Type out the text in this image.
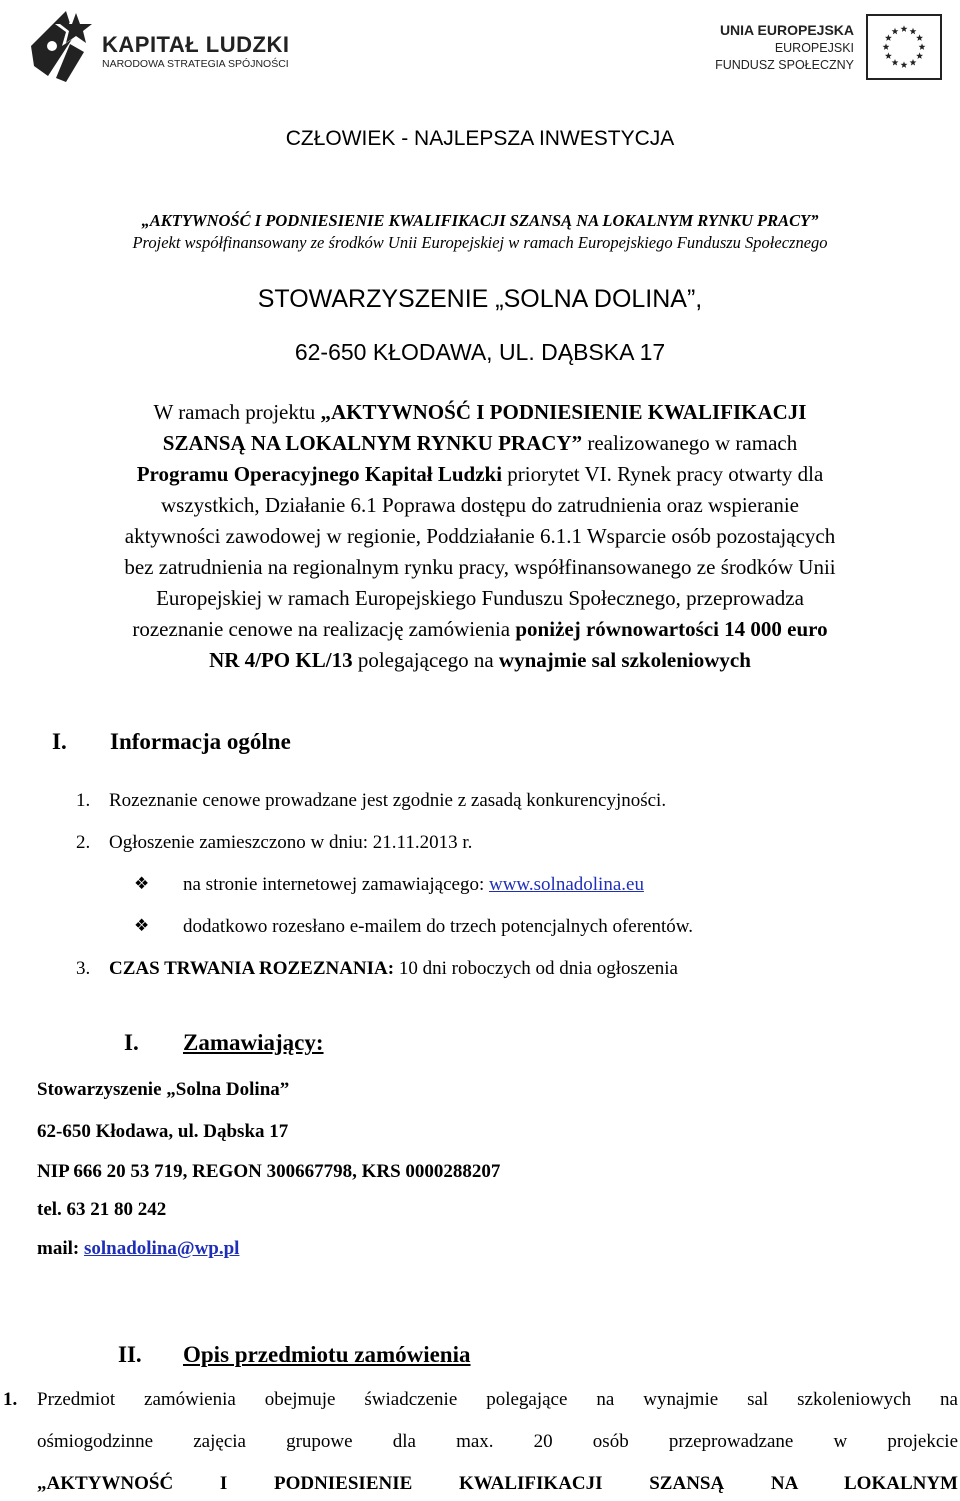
KAPITAŁ LUDZKI
NARODOWA STRATEGIA SPÓJNOŚCI
UNIA EUROPEJSKA
EUROPEJSKI
FUNDUSZ SPOŁECZNY
CZŁOWIEK - NAJLEPSZA INWESTYCJA
„AKTYWNOŚĆ I PODNIESIENIE KWALIFIKACJI SZANSĄ NA LOKALNYM RYNKU PRACY”
Projekt współfinansowany ze środków Unii Europejskiej w ramach Europejskiego Funduszu Społecznego
STOWARZYSZENIE „SOLNA DOLINA”,
62-650 KŁODAWA, UL. DĄBSKA 17
W ramach projektu „AKTYWNOŚĆ I PODNIESIENIE KWALIFIKACJI
SZANSĄ NA LOKALNYM RYNKU PRACY” realizowanego w ramach
Programu Operacyjnego Kapitał Ludzki priorytet VI. Rynek pracy otwarty dla
wszystkich, Działanie 6.1 Poprawa dostępu do zatrudnienia oraz wspieranie
aktywności zawodowej w regionie, Poddziałanie 6.1.1 Wsparcie osób pozostających
bez zatrudnienia na regionalnym rynku pracy, współfinansowanego ze środków Unii
Europejskiej w ramach Europejskiego Funduszu Społecznego, przeprowadza
rozeznanie cenowe na realizację zamówienia poniżej równowartości 14 000 euro
NR 4/PO KL/13 polegającego na wynajmie sal szkoleniowych
I. Informacja ogólne
1. Rozeznanie cenowe prowadzane jest zgodnie z zasadą konkurencyjności.
2. Ogłoszenie zamieszczono w dniu: 21.11.2013 r.
❖ na stronie internetowej zamawiającego: www.solnadolina.eu
❖ dodatkowo rozesłano e-mailem do trzech potencjalnych oferentów.
3. CZAS TRWANIA ROZEZNANIA: 10 dni roboczych od dnia ogłoszenia
I. Zamawiający:
Stowarzyszenie „Solna Dolina”
62-650 Kłodawa, ul. Dąbska 17
NIP 666 20 53 719, REGON 300667798, KRS 0000288207
tel. 63 21 80 242
mail: solnadolina@wp.pl
II. Opis przedmiotu zamówienia
1. Przedmiot zamówienia obejmuje świadczenie polegające na wynajmie sal szkoleniowych na
ośmiogodzinne zajęcia grupowe dla max. 20 osób przeprowadzane w projekcie
„AKTYWNOŚĆ I PODNIESIENIE KWALIFIKACJI SZANSĄ NA LOKALNYM
